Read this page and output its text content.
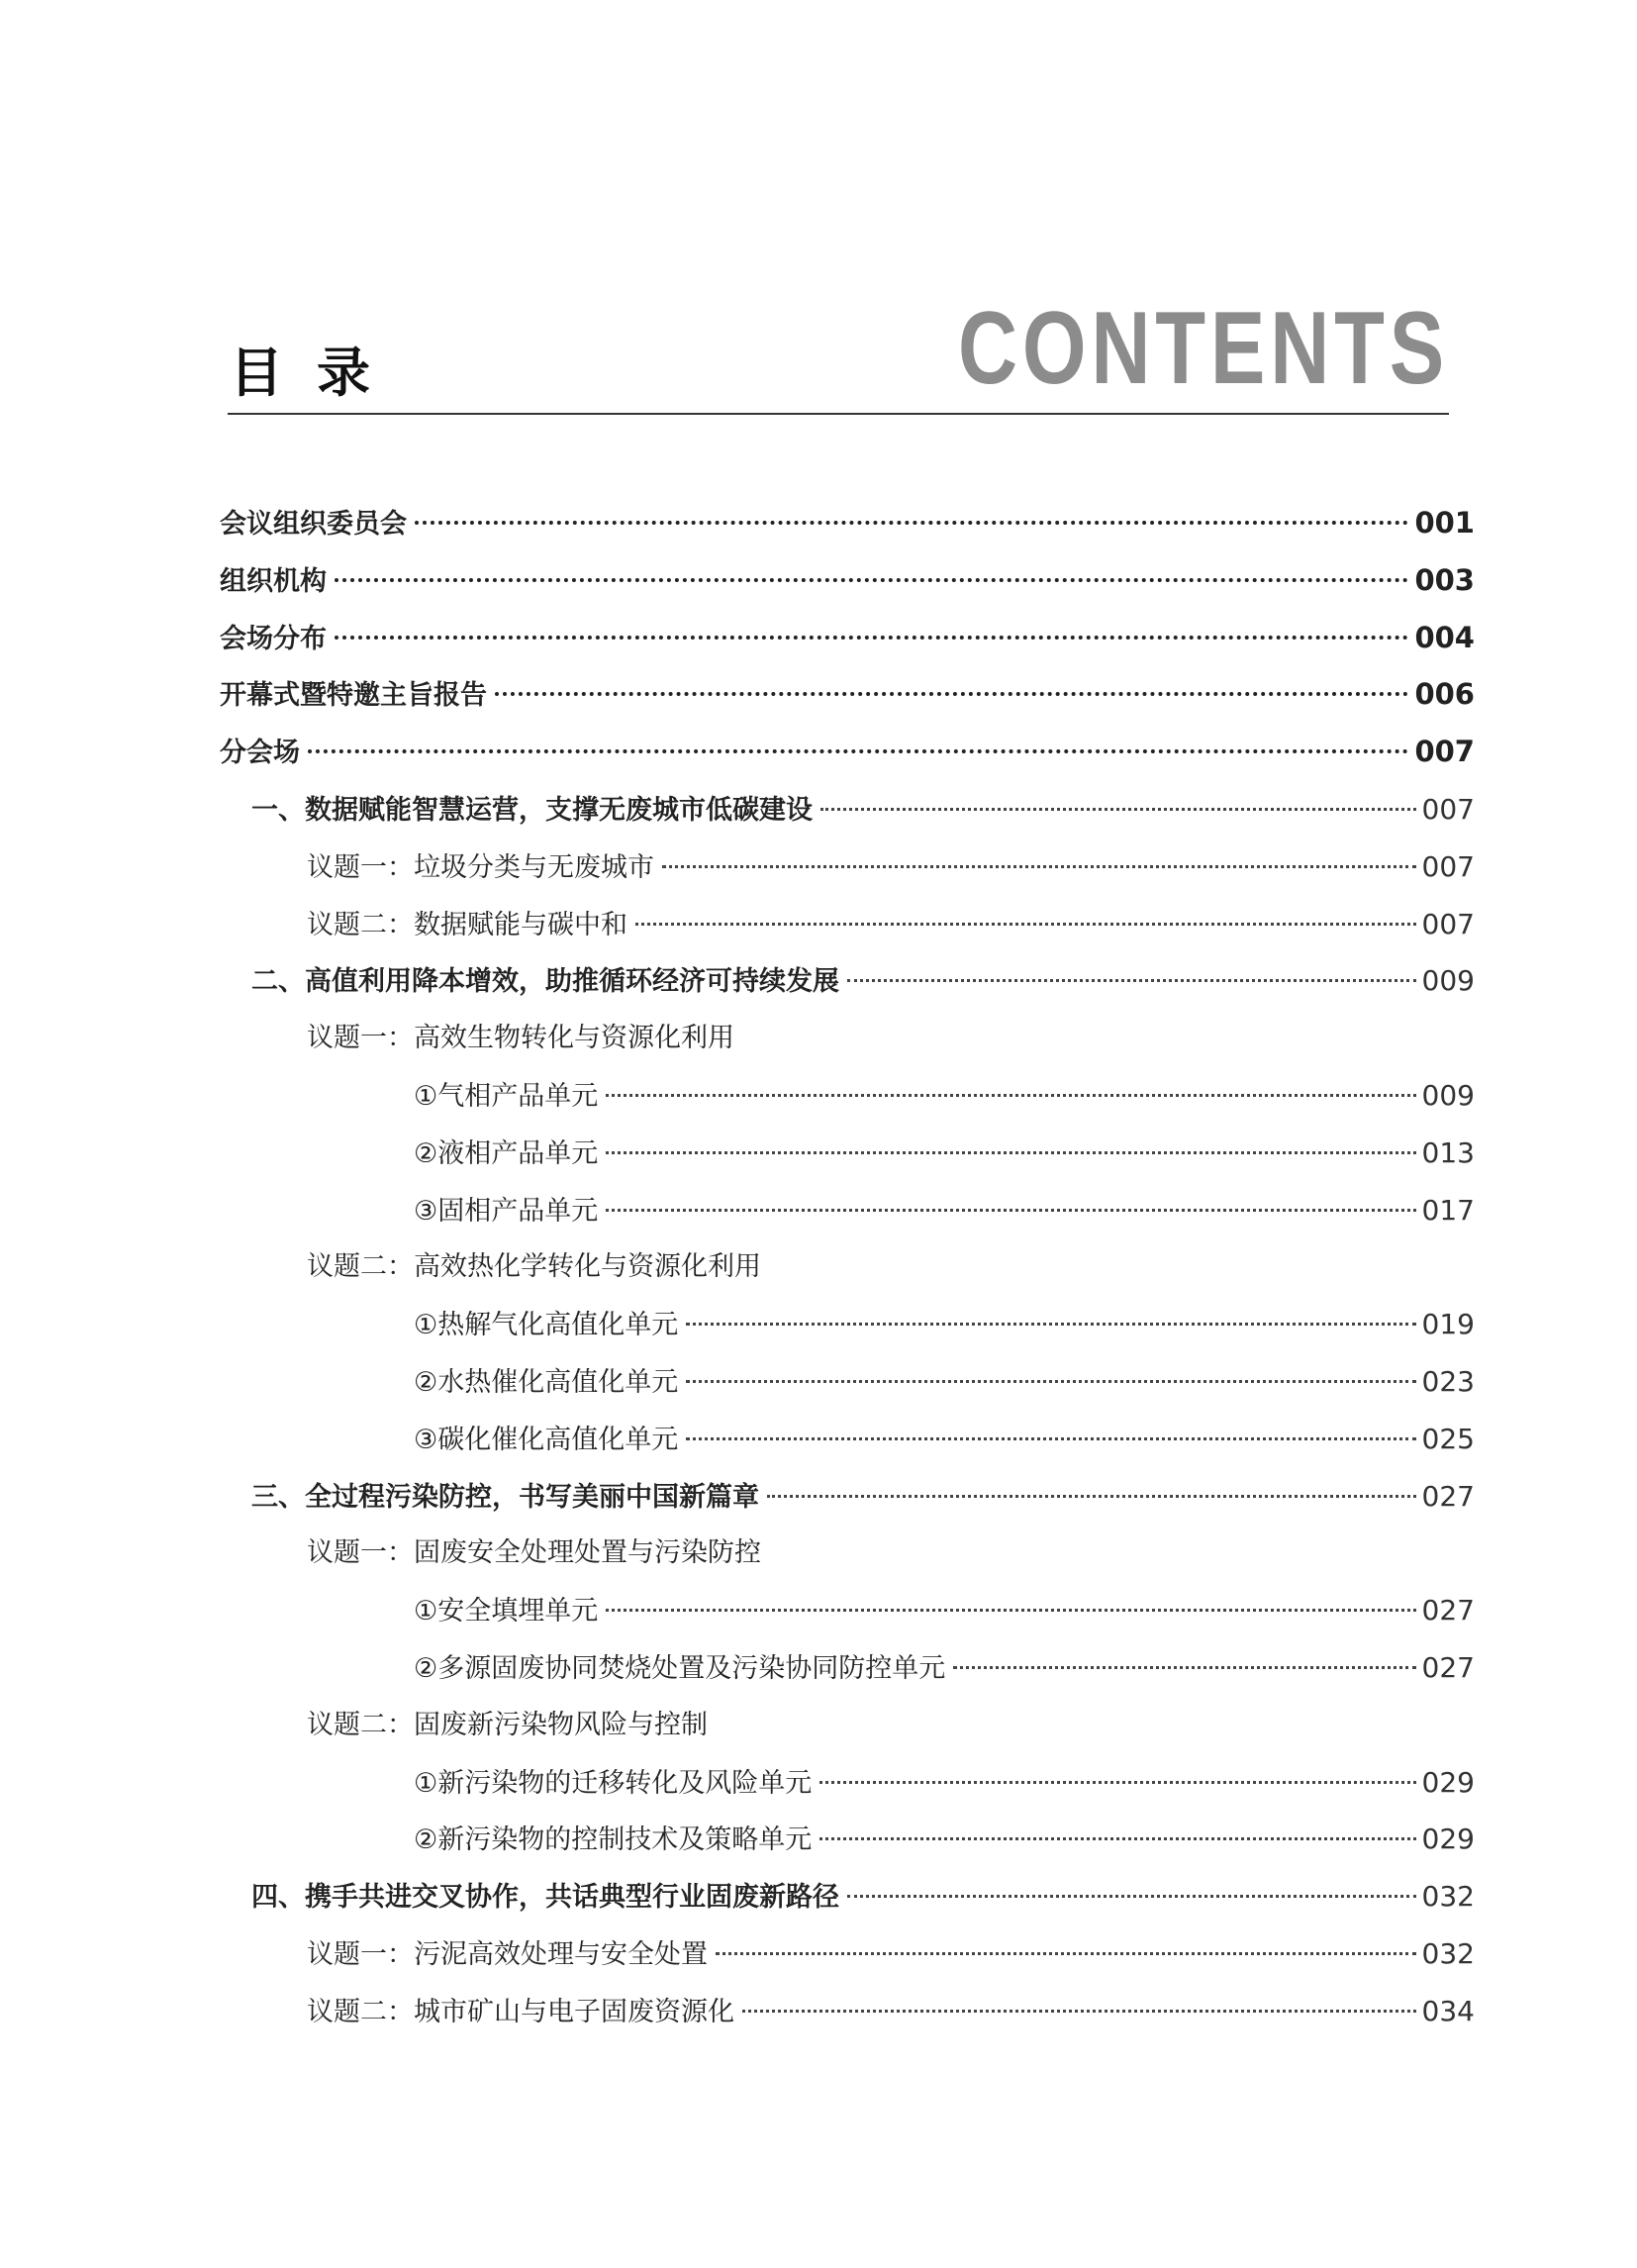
目录	CONTENTS
会议组织委员会	001
组织机构	003
会场分布	004
开幕式暨特邀主旨报告	006
分会场	007
一、数据赋能智慧运营，支撑无废城市低碳建设	007
议题一：垃圾分类与无废城市	007
议题二：数据赋能与碳中和	007
二、高值利用降本增效，助推循环经济可持续发展	009
议题一：高效生物转化与资源化利用
①气相产品单元	009
②液相产品单元	013
③固相产品单元	017
议题二：高效热化学转化与资源化利用
①热解气化高值化单元	019
②水热催化高值化单元	023
③碳化催化高值化单元	025
三、全过程污染防控，书写美丽中国新篇章	027
议题一：固废安全处理处置与污染防控
①安全填埋单元	027
②多源固废协同焚烧处置及污染协同防控单元	027
议题二：固废新污染物风险与控制
①新污染物的迁移转化及风险单元	029
②新污染物的控制技术及策略单元	029
四、携手共进交叉协作，共话典型行业固废新路径	032
议题一：污泥高效处理与安全处置	032
议题二：城市矿山与电子固废资源化	034
